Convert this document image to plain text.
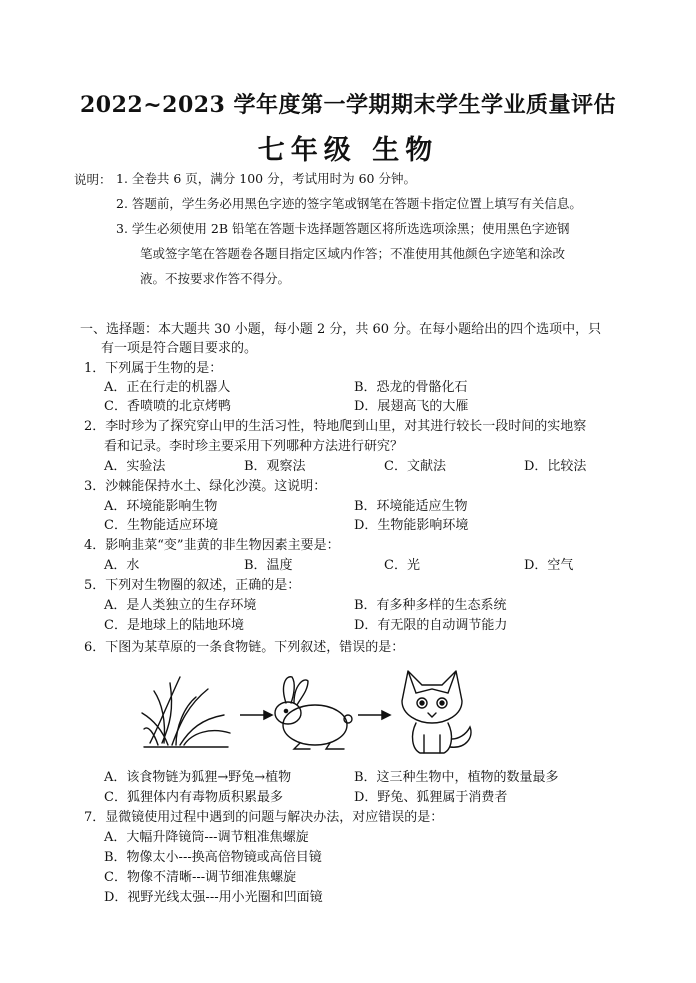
2022~2023 学年度第一学期期末学生学业质量评估
七年级 生物
说明： 1. 全卷共 6 页，满分 100 分，考试用时为 60 分钟。
2. 答题前，学生务必用黑色字迹的签字笔或钢笔在答题卡指定位置上填写有关信息。
3. 学生必须使用 2B 铅笔在答题卡选择题答题区将所选选项涂黑；使用黑色字迹钢
笔或签字笔在答题卷各题目指定区域内作答；不准使用其他颜色字迹笔和涂改
液。不按要求作答不得分。
一、选择题：本大题共 30 小题，每小题 2 分，共 60 分。在每小题给出的四个选项中，只
有一项是符合题目要求的。
1．下列属于生物的是：
A．正在行走的机器人	B．恐龙的骨骼化石
C．香喷喷的北京烤鸭	D．展翅高飞的大雁
2．李时珍为了探究穿山甲的生活习性，特地爬到山里，对其进行较长一段时间的实地察
看和记录。李时珍主要采用下列哪种方法进行研究？
A．实验法	B．观察法	C．文献法	D．比较法
3．沙棘能保持水土、绿化沙漠。这说明：
A．环境能影响生物	B．环境能适应生物
C．生物能适应环境	D．生物能影响环境
4．影响韭菜“变”韭黄的非生物因素主要是：
A．水	B．温度	C．光	D．空气
5．下列对生物圈的叙述，正确的是：
A．是人类独立的生存环境	B．有多种多样的生态系统
C．是地球上的陆地环境	D．有无限的自动调节能力
6．下图为某草原的一条食物链。下列叙述，错误的是：
A．该食物链为狐狸→野兔→植物	B．这三种生物中，植物的数量最多
C．狐狸体内有毒物质积累最多	D．野兔、狐狸属于消费者
7．显微镜使用过程中遇到的问题与解决办法，对应错误的是：
A．大幅升降镜筒---调节粗准焦螺旋
B．物像太小---换高倍物镜或高倍目镜
C．物像不清晰---调节细准焦螺旋
D．视野光线太强---用小光圈和凹面镜
